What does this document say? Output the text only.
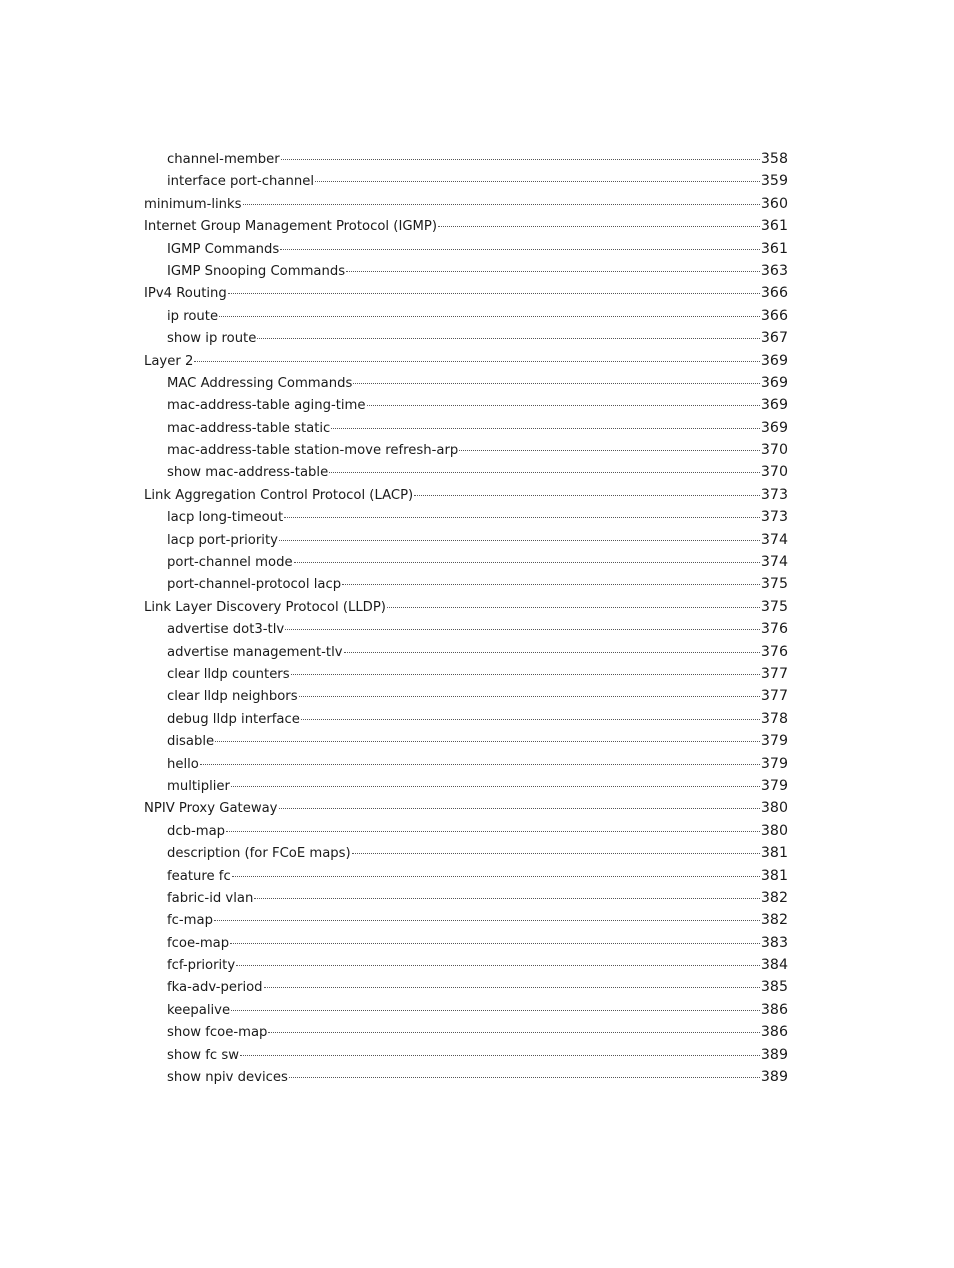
channel-member	358
interface port-channel	359
minimum-links	360
Internet Group Management Protocol (IGMP)	361
IGMP Commands	361
IGMP Snooping Commands	363
IPv4 Routing	366
ip route	366
show ip route	367
Layer 2	369
MAC Addressing Commands	369
mac-address-table aging-time	369
mac-address-table static	369
mac-address-table station-move refresh-arp	370
show mac-address-table	370
Link Aggregation Control Protocol (LACP)	373
lacp long-timeout	373
lacp port-priority	374
port-channel mode	374
port-channel-protocol lacp	375
Link Layer Discovery Protocol (LLDP)	375
advertise dot3-tlv	376
advertise management-tlv	376
clear lldp counters	377
clear lldp neighbors	377
debug lldp interface	378
disable	379
hello	379
multiplier	379
NPIV Proxy Gateway	380
dcb-map	380
description (for FCoE maps)	381
feature fc	381
fabric-id vlan	382
fc-map	382
fcoe-map	383
fcf-priority	384
fka-adv-period	385
keepalive	386
show fcoe-map	386
show fc sw	389
show npiv devices	389
